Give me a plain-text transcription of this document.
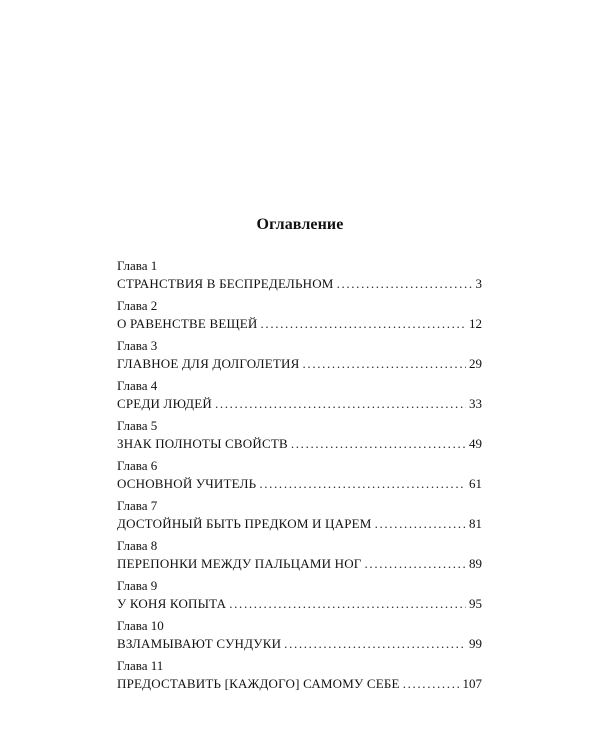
Оглавление
Глава 1
СТРАНСТВИЯ В БЕСПРЕДЕЛЬНОМ . . .	3
Глава 2
О РАВЕНСТВЕ ВЕЩЕЙ . . .	12
Глава 3
ГЛАВНОЕ ДЛЯ ДОЛГОЛЕТИЯ . . .	29
Глава 4
СРЕДИ ЛЮДЕЙ . . .	33
Глава 5
ЗНАК ПОЛНОТЫ СВОЙСТВ . . .	49
Глава 6
ОСНОВНОЙ УЧИТЕЛЬ . . .	61
Глава 7
ДОСТОЙНЫЙ БЫТЬ ПРЕДКОМ И ЦАРЕМ . . .	81
Глава 8
ПЕРЕПОНКИ МЕЖДУ ПАЛЬЦАМИ НОГ . . .	89
Глава 9
У КОНЯ КОПЫТА . . .	95
Глава 10
ВЗЛАМЫВАЮТ СУНДУКИ . . .	99
Глава 11
ПРЕДОСТАВИТЬ [КАЖДОГО] САМОМУ СЕБЕ . . .	107
